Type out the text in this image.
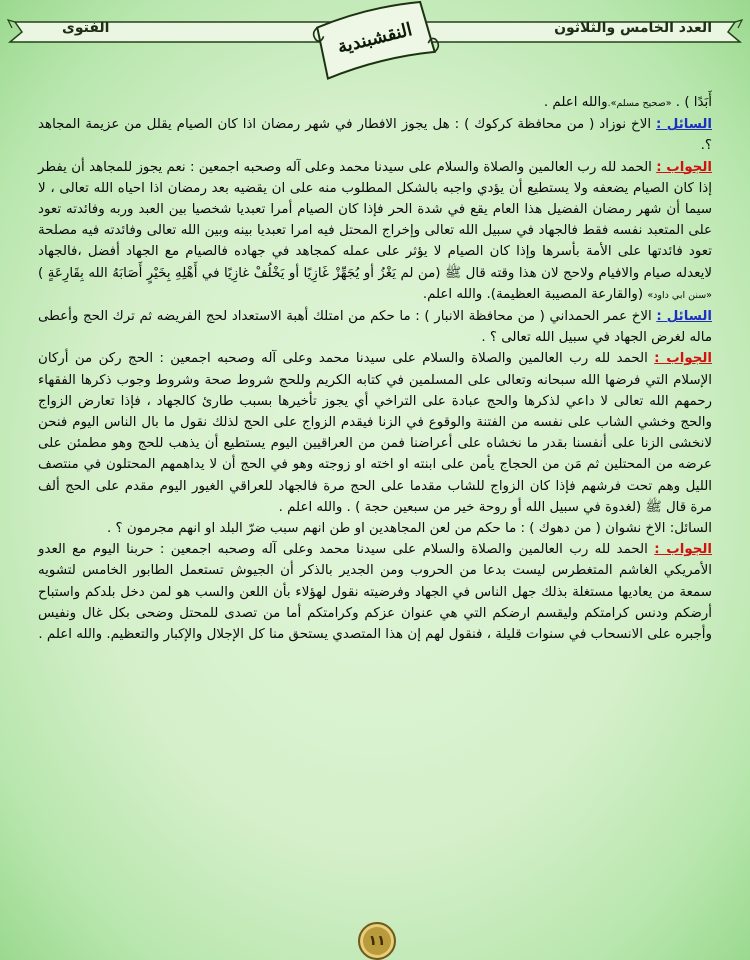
العدد الخامس والثلاثون
الفتوى	النقشبندية

أَبَدًا ) . «صحيح مسلم».والله اعلم .

السائل : الاخ نوزاد ( من محافظة كركوك ) : هل يجوز الافطار في شهر رمضان اذا كان الصيام يقلل من عزيمة المجاهد ؟.

الجواب : الحمد لله رب العالمين والصلاة والسلام على سيدنا محمد وعلى آله وصحبه اجمعين : نعم يجوز للمجاهد أن يفطر إذا كان الصيام يضعفه ولا يستطيع أن يؤدي واجبه بالشكل المطلوب منه على ان يقضيه بعد رمضان اذا احياه الله تعالى ، لا سيما أن شهر رمضان الفضيل هذا العام يقع في شدة الحر فإذا كان الصيام أمرا تعبديا شخصيا بين العبد وربه وفائدته تعود على المتعبد نفسه فقط فالجهاد في سبيل الله تعالى وإخراج المحتل فيه امرا تعبديا بينه وبين الله تعالى وفائدته فيه مصلحة تعود فائدتها على الأمة بأسرها وإذا كان الصيام لا يؤثر على عمله كمجاهد في جهاده فالصيام مع الجهاد أفضل ،فالجهاد لايعدله صيام والافيام ولاحج لان هذا وقته قال ﷺ (من لم يَغْزُ أو يُجَهِّزْ غَازِيًا أو يَخْلُفْ غازِيًا في أَهْلِهِ بِخَيْرٍ أَصَابَهُ الله بِقَارِعَةٍ ) «سنن ابي داود» (والقارعة المصيبة العظيمة). والله اعلم.

السائل : الاخ عمر الحمداني ( من محافظة الانبار ) : ما حكم من امتلك أهبة الاستعداد لحج الفريضه ثم ترك الحج وأعطى ماله لغرض الجهاد في سبيل الله تعالى ؟ .

الجواب : الحمد لله رب العالمين والصلاة والسلام على سيدنا محمد وعلى آله وصحبه اجمعين : الحج ركن من أركان الإسلام التي فرضها الله سبحانه وتعالى على المسلمين في كتابه الكريم وللحج شروط صحة وشروط وجوب ذكرها الفقهاء رحمهم الله تعالى لا داعي لذكرها والحج عبادة على التراخي أي يجوز تأخيرها بسبب طارئ كالجهاد ، فإذا تعارض الزواج والحج وخشي الشاب على نفسه من الفتنة والوقوع في الزنا فيقدم الزواج على الحج لذلك نقول ما بال الناس اليوم فنحن لانخشى الزنا على أنفسنا بقدر ما نخشاه على أعراضنا فمن من العراقيين اليوم يستطيع أن يذهب للحج وهو مطمئن على عرضه من المحتلين ثم مَن من الحجاج يأمن على ابنته او اخته او زوجته وهو في الحج أن لا يداهمهم المحتلون في منتصف الليل وهم تحت فرشهم فإذا كان الزواج للشاب مقدما على الحج مرة فالجهاد للعراقي الغيور اليوم مقدم على الحج ألف مرة قال ﷺ (لغدوة في سبيل الله أو روحة خير من سبعين حجة ) . والله اعلم .

السائل: الاخ نشوان ( من دهوك ) : ما حكم من لعن المجاهدين او طن انهم سبب ضرّ البلد او انهم مجرمون ؟ .

الجواب : الحمد لله رب العالمين والصلاة والسلام على سيدنا محمد وعلى آله وصحبه اجمعين : حربنا اليوم مع العدو الأمريكي الغاشم المتغطرس ليست بدعا من الحروب ومن الجدير بالذكر أن الجيوش تستعمل الطابور الخامس لتشويه سمعة من يعاديها مستغلة بذلك جهل الناس في الجهاد وفرضيته نقول لهؤلاء بأن اللعن والسب هو لمن دخل بلدكم واستباح أرضكم ودنس كرامتكم وليقسم ارضكم التي هي عنوان عزكم وكرامتكم أما من تصدى للمحتل وضحى بكل غال ونفيس وأجبره على الانسحاب في سنوات قليلة ، فنقول لهم إن هذا المتصدي يستحق منا كل الإجلال والإكبار والتعظيم. والله اعلم .

١١
